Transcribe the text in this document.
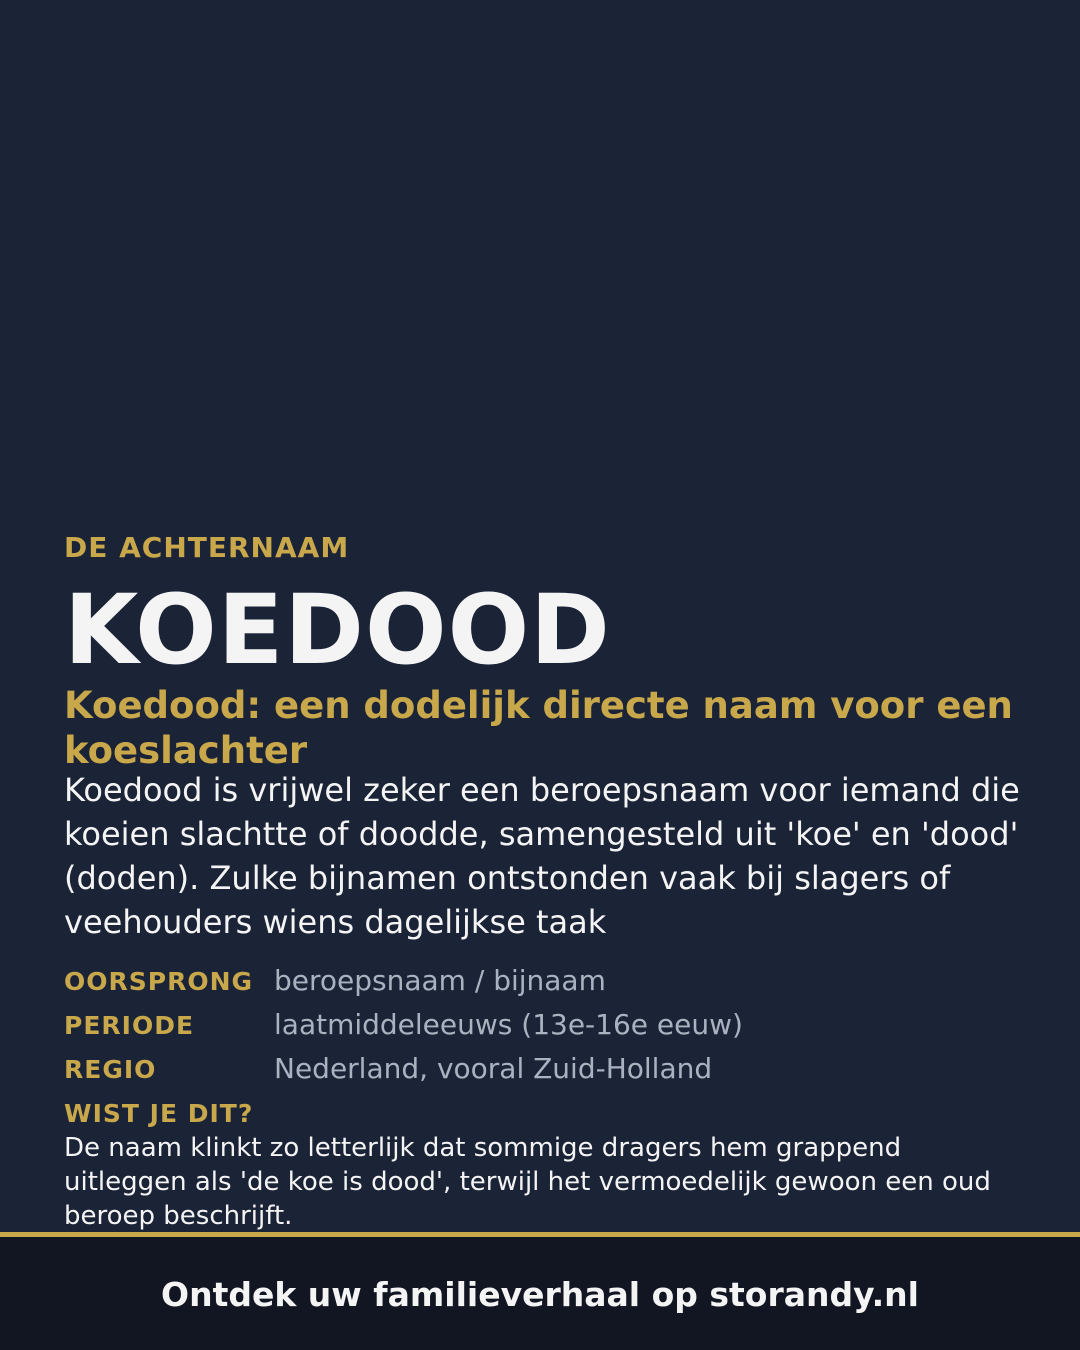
DE ACHTERNAAM
KOEDOOD
Koedood: een dodelijk directe naam voor een koeslachter
Koedood is vrijwel zeker een beroepsnaam voor iemand die koeien slachtte of doodde, samengesteld uit 'koe' en 'dood' (doden). Zulke bijnamen ontstonden vaak bij slagers of veehouders wiens dagelijkse taak
OORSPRONG beroepsnaam / bijnaam
PERIODE	laatmiddeleeuws (13e-16e eeuw)
REGIO	Nederland, vooral Zuid-Holland
WIST JE DIT?
De naam klinkt zo letterlijk dat sommige dragers hem grappend uitleggen als 'de koe is dood', terwijl het vermoedelijk gewoon een oud beroep beschrijft.
Ontdek uw familieverhaal op storandy.nl
